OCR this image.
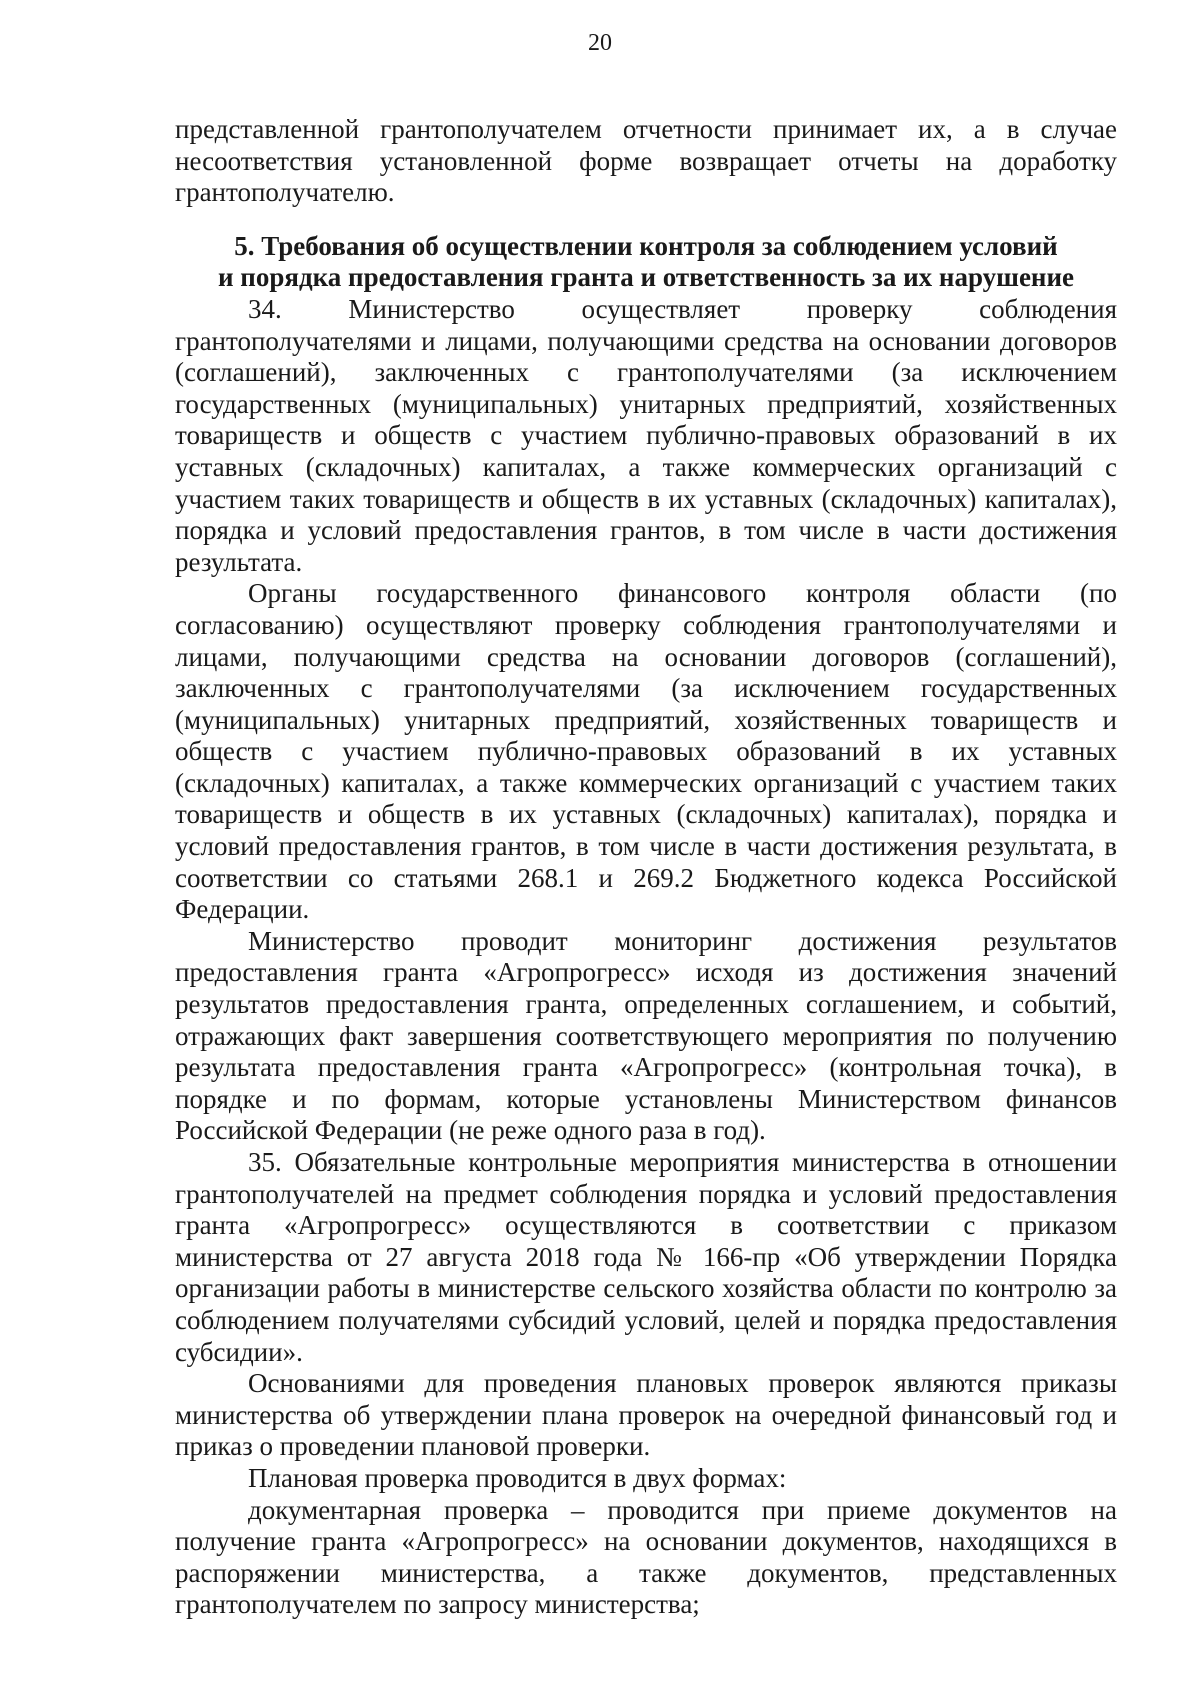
20

представленной грантополучателем отчетности принимает их, а в случае несоответствия установленной форме возвращает отчеты на доработку грантополучателю.

5. Требования об осуществлении контроля за соблюдением условий
и порядка предоставления гранта и ответственность за их нарушение

34. Министерство осуществляет проверку соблюдения грантополучателями и лицами, получающими средства на основании договоров (соглашений), заключенных с грантополучателями (за исключением государственных (муниципальных) унитарных предприятий, хозяйственных товариществ и обществ с участием публично-правовых образований в их уставных (складочных) капиталах, а также коммерческих организаций с участием таких товариществ и обществ в их уставных (складочных) капиталах), порядка и условий предоставления грантов, в том числе в части достижения результата.

Органы государственного финансового контроля области (по согласованию) осуществляют проверку соблюдения грантополучателями и лицами, получающими средства на основании договоров (соглашений), заключенных с грантополучателями (за исключением государственных (муниципальных) унитарных предприятий, хозяйственных товариществ и обществ с участием публично-правовых образований в их уставных (складочных) капиталах, а также коммерческих организаций с участием таких товариществ и обществ в их уставных (складочных) капиталах), порядка и условий предоставления грантов, в том числе в части достижения результата, в соответствии со статьями 268.1 и 269.2 Бюджетного кодекса Российской Федерации.

Министерство проводит мониторинг достижения результатов предоставления гранта «Агропрогресс» исходя из достижения значений результатов предоставления гранта, определенных соглашением, и событий, отражающих факт завершения соответствующего мероприятия по получению результата предоставления гранта «Агропрогресс» (контрольная точка), в порядке и по формам, которые установлены Министерством финансов Российской Федерации (не реже одного раза в год).

35. Обязательные контрольные мероприятия министерства в отношении грантополучателей на предмет соблюдения порядка и условий предоставления гранта «Агропрогресс» осуществляются в соответствии с приказом министерства от 27 августа 2018 года № 166-пр «Об утверждении Порядка организации работы в министерстве сельского хозяйства области по контролю за соблюдением получателями субсидий условий, целей и порядка предоставления субсидии».

Основаниями для проведения плановых проверок являются приказы министерства об утверждении плана проверок на очередной финансовый год и приказ о проведении плановой проверки.

Плановая проверка проводится в двух формах:

документарная проверка – проводится при приеме документов на получение гранта «Агропрогресс» на основании документов, находящихся в распоряжении министерства, а также документов, представленных грантополучателем по запросу министерства;
